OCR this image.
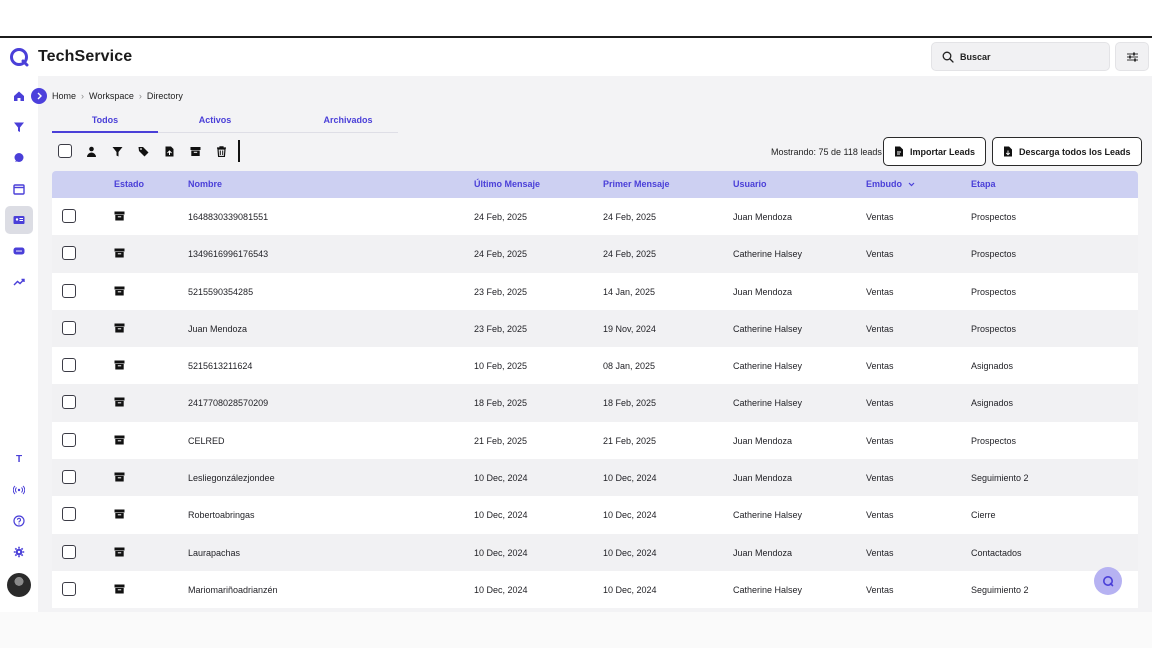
TechService
Buscar
T
Home › Workspace › Directory
Todos	Activos	Archivados
Mostrando: 75 de 118 leads	Importar Leads	Descarga todos los Leads
Estado	Nombre	Último Mensaje	Primer Mensaje	Usuario	Embudo	Etapa
1648830339081551	24 Feb, 2025	24 Feb, 2025	Juan Mendoza	Ventas	Prospectos
1349616996176543	24 Feb, 2025	24 Feb, 2025	Catherine Halsey	Ventas	Prospectos
5215590354285	23 Feb, 2025	14 Jan, 2025	Juan Mendoza	Ventas	Prospectos
Juan Mendoza	23 Feb, 2025	19 Nov, 2024	Catherine Halsey	Ventas	Prospectos
5215613211624	10 Feb, 2025	08 Jan, 2025	Catherine Halsey	Ventas	Asignados
2417708028570209	18 Feb, 2025	18 Feb, 2025	Catherine Halsey	Ventas	Asignados
CELRED	21 Feb, 2025	21 Feb, 2025	Juan Mendoza	Ventas	Prospectos
Lesliegonzálezjondee	10 Dec, 2024	10 Dec, 2024	Juan Mendoza	Ventas	Seguimiento 2
Robertoabringas	10 Dec, 2024	10 Dec, 2024	Catherine Halsey	Ventas	Cierre
Laurapachas	10 Dec, 2024	10 Dec, 2024	Juan Mendoza	Ventas	Contactados
Mariomariñoadrianzén	10 Dec, 2024	10 Dec, 2024	Catherine Halsey	Ventas	Seguimiento 2
